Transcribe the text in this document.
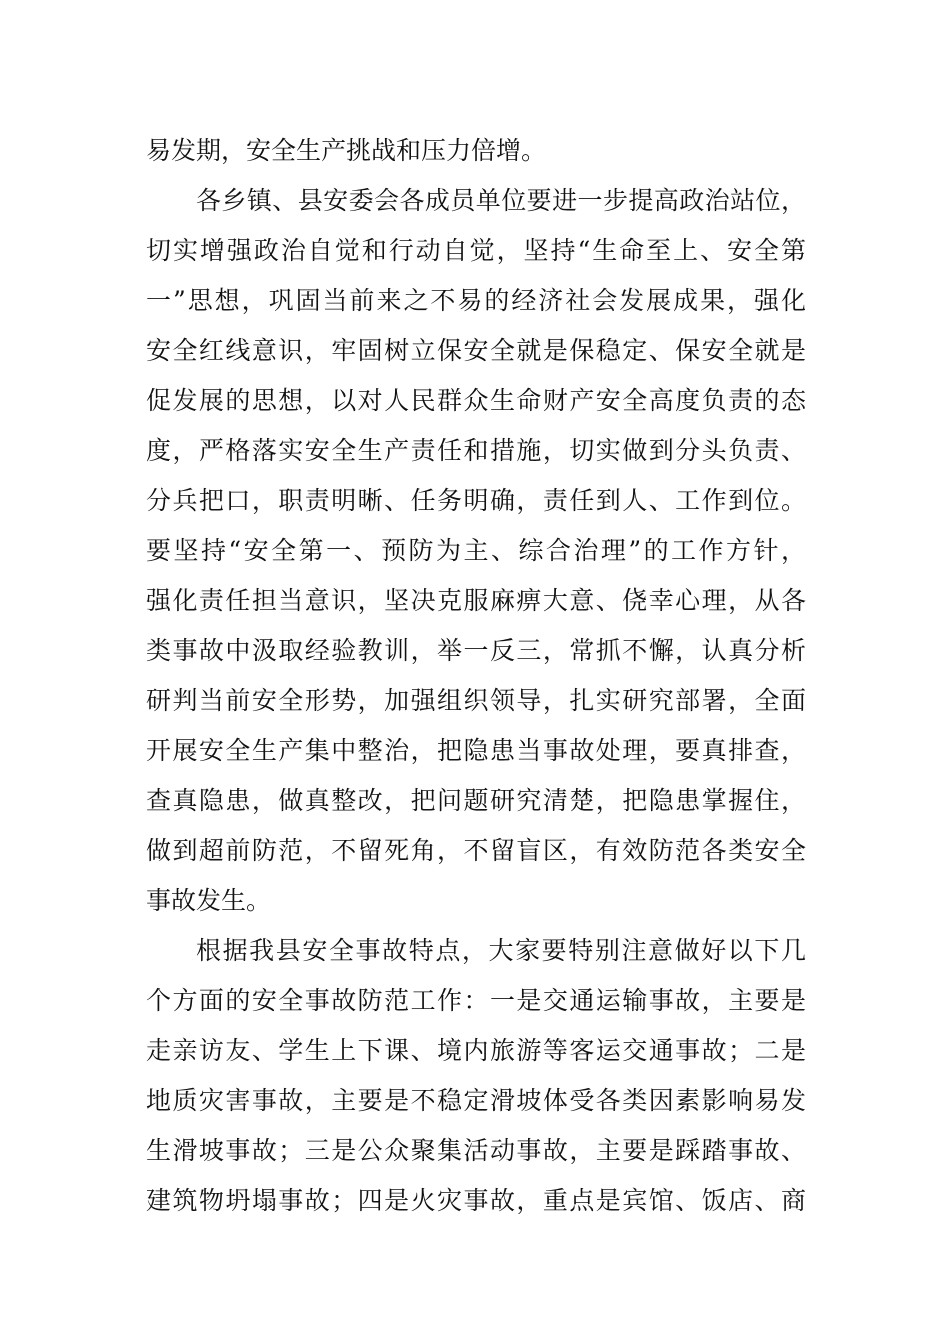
易发期，安全生产挑战和压力倍增。
各乡镇、县安委会各成员单位要进一步提高政治站位，
切实增强政治自觉和行动自觉，坚持“生命至上、安全第
一”思想，巩固当前来之不易的经济社会发展成果，强化
安全红线意识，牢固树立保安全就是保稳定、保安全就是
促发展的思想，以对人民群众生命财产安全高度负责的态
度，严格落实安全生产责任和措施，切实做到分头负责、
分兵把口，职责明晰、任务明确，责任到人、工作到位。
要坚持“安全第一、预防为主、综合治理”的工作方针，
强化责任担当意识，坚决克服麻痹大意、侥幸心理，从各
类事故中汲取经验教训，举一反三，常抓不懈，认真分析
研判当前安全形势，加强组织领导，扎实研究部署，全面
开展安全生产集中整治，把隐患当事故处理，要真排查，
查真隐患，做真整改，把问题研究清楚，把隐患掌握住，
做到超前防范，不留死角，不留盲区，有效防范各类安全
事故发生。
根据我县安全事故特点，大家要特别注意做好以下几
个方面的安全事故防范工作：一是交通运输事故，主要是
走亲访友、学生上下课、境内旅游等客运交通事故；二是
地质灾害事故，主要是不稳定滑坡体受各类因素影响易发
生滑坡事故；三是公众聚集活动事故，主要是踩踏事故、
建筑物坍塌事故；四是火灾事故，重点是宾馆、饭店、商
